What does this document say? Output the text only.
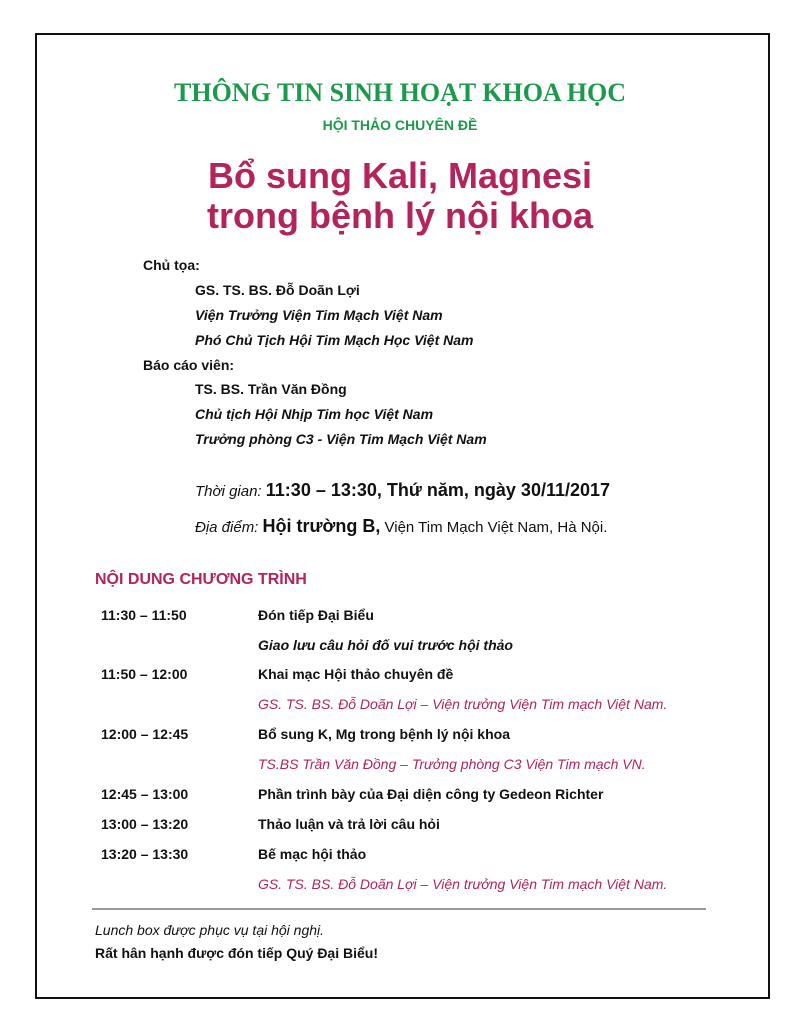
THÔNG TIN SINH HOẠT KHOA HỌC
HỘI THẢO CHUYÊN ĐỀ
Bổ sung Kali, Magnesi
trong bệnh lý nội khoa
Chủ tọa:
GS. TS. BS. Đỗ Doãn Lợi
Viện Trưởng Viện Tim Mạch Việt Nam
Phó Chủ Tịch Hội Tim Mạch Học Việt Nam
Báo cáo viên:
TS. BS. Trần Văn Đồng
Chủ tịch Hội Nhịp Tim học Việt Nam
Trưởng phòng C3 - Viện Tim Mạch Việt Nam
Thời gian: 11:30 – 13:30, Thứ năm, ngày 30/11/2017
Địa điểm: Hội trường B, Viện Tim Mạch Việt Nam, Hà Nội.
NỘI DUNG CHƯƠNG TRÌNH
11:30 – 11:50	Đón tiếp Đại Biểu
Giao lưu câu hỏi đố vui trước hội thảo
11:50 – 12:00	Khai mạc Hội thảo chuyên đề
GS. TS. BS. Đỗ Doãn Lợi – Viện trưởng Viện Tim mạch Việt Nam.
12:00 – 12:45	Bổ sung K, Mg trong bệnh lý nội khoa
TS.BS Trần Văn Đồng – Trưởng phòng C3 Viện Tim mạch VN.
12:45 – 13:00	Phần trình bày của Đại diện công ty Gedeon Richter
13:00 – 13:20	Thảo luận và trả lời câu hỏi
13:20 – 13:30	Bế mạc hội thảo
GS. TS. BS. Đỗ Doãn Lợi – Viện trưởng Viện Tim mạch Việt Nam.
Lunch box được phục vụ tại hội nghị.
Rất hân hạnh được đón tiếp Quý Đại Biểu!
